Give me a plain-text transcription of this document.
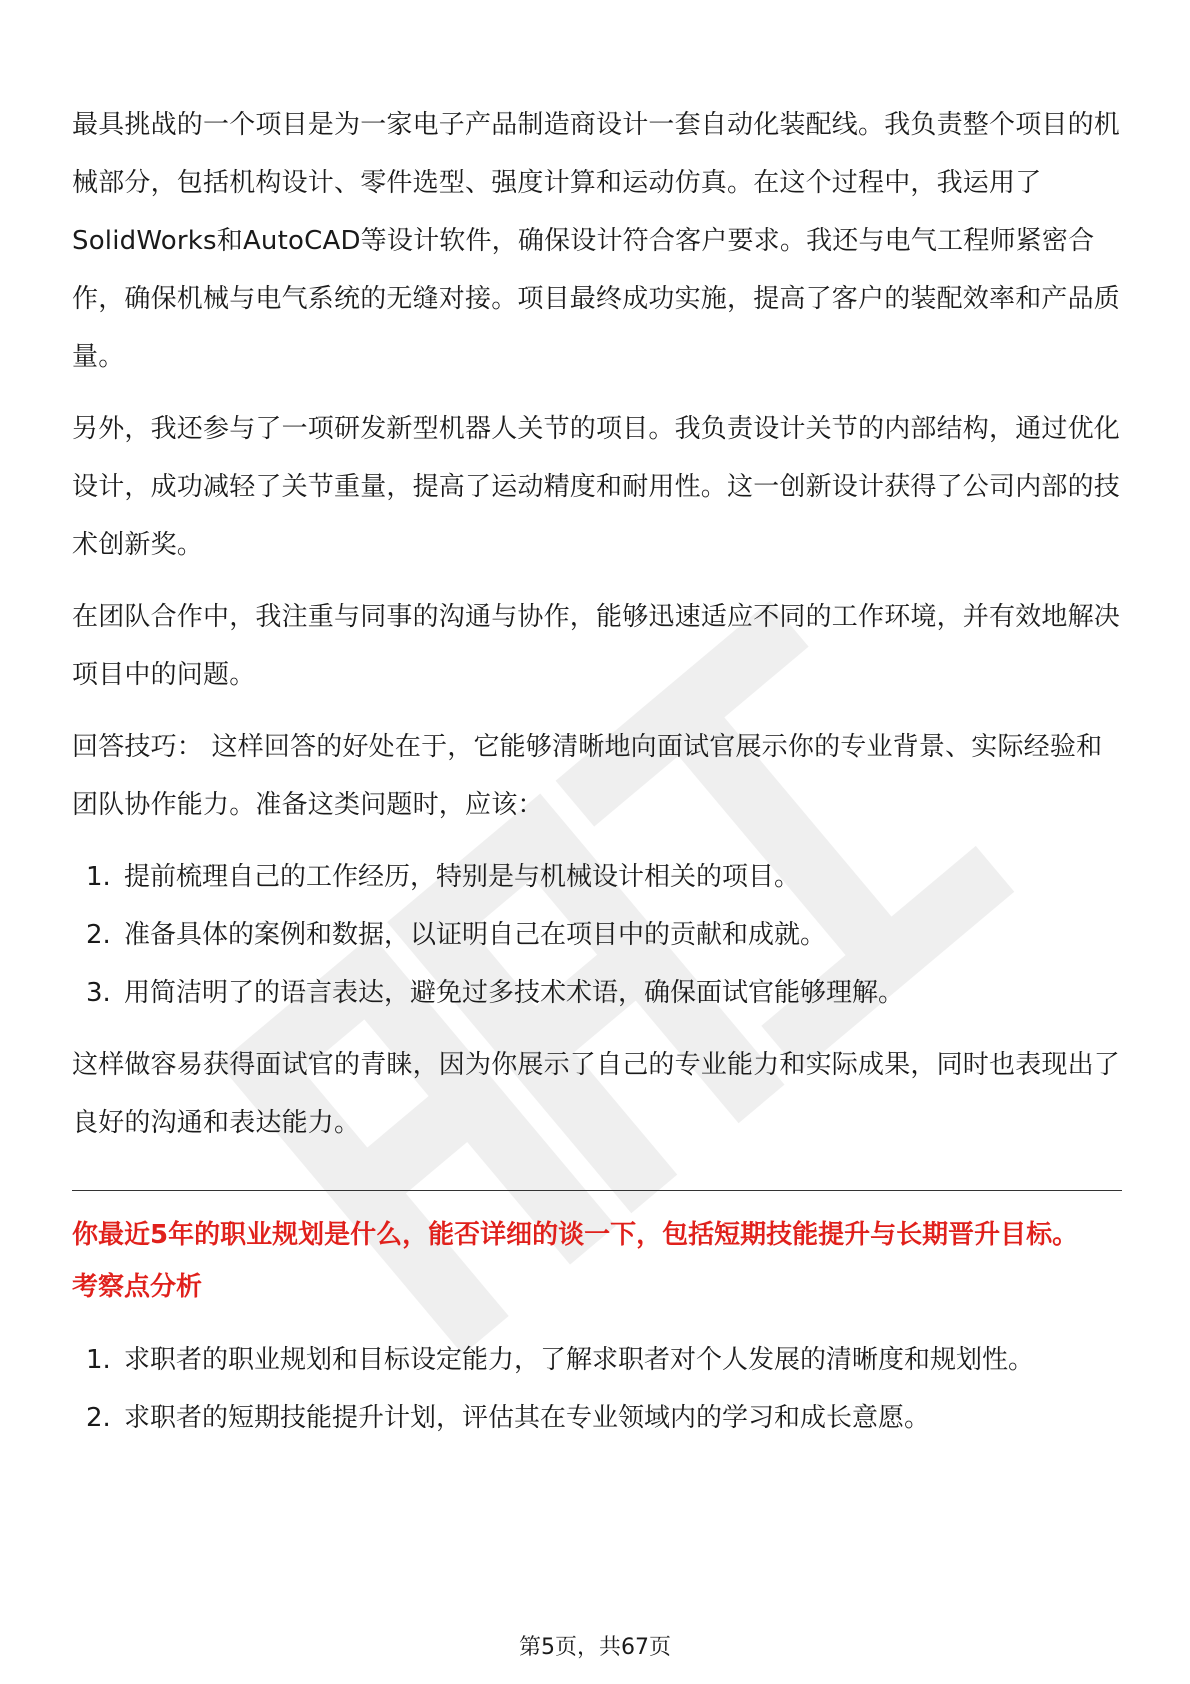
最具挑战的一个项目是为一家电子产品制造商设计一套自动化装配线。我负责整个项目的机械部分，包括机构设计、零件选型、强度计算和运动仿真。在这个过程中，我运用了SolidWorks和AutoCAD等设计软件，确保设计符合客户要求。我还与电气工程师紧密合作，确保机械与电气系统的无缝对接。项目最终成功实施，提高了客户的装配效率和产品质量。

另外，我还参与了一项研发新型机器人关节的项目。我负责设计关节的内部结构，通过优化设计，成功减轻了关节重量，提高了运动精度和耐用性。这一创新设计获得了公司内部的技术创新奖。

在团队合作中，我注重与同事的沟通与协作，能够迅速适应不同的工作环境，并有效地解决项目中的问题。

回答技巧： 这样回答的好处在于，它能够清晰地向面试官展示你的专业背景、实际经验和团队协作能力。准备这类问题时，应该：

1. 提前梳理自己的工作经历，特别是与机械设计相关的项目。
2. 准备具体的案例和数据，以证明自己在项目中的贡献和成就。
3. 用简洁明了的语言表达，避免过多技术术语，确保面试官能够理解。

这样做容易获得面试官的青睐，因为你展示了自己的专业能力和实际成果，同时也表现出了良好的沟通和表达能力。

你最近5年的职业规划是什么，能否详细的谈一下，包括短期技能提升与长期晋升目标。
考察点分析
1. 求职者的职业规划和目标设定能力，了解求职者对个人发展的清晰度和规划性。
2. 求职者的短期技能提升计划，评估其在专业领域内的学习和成长意愿。
第5页，共67页
